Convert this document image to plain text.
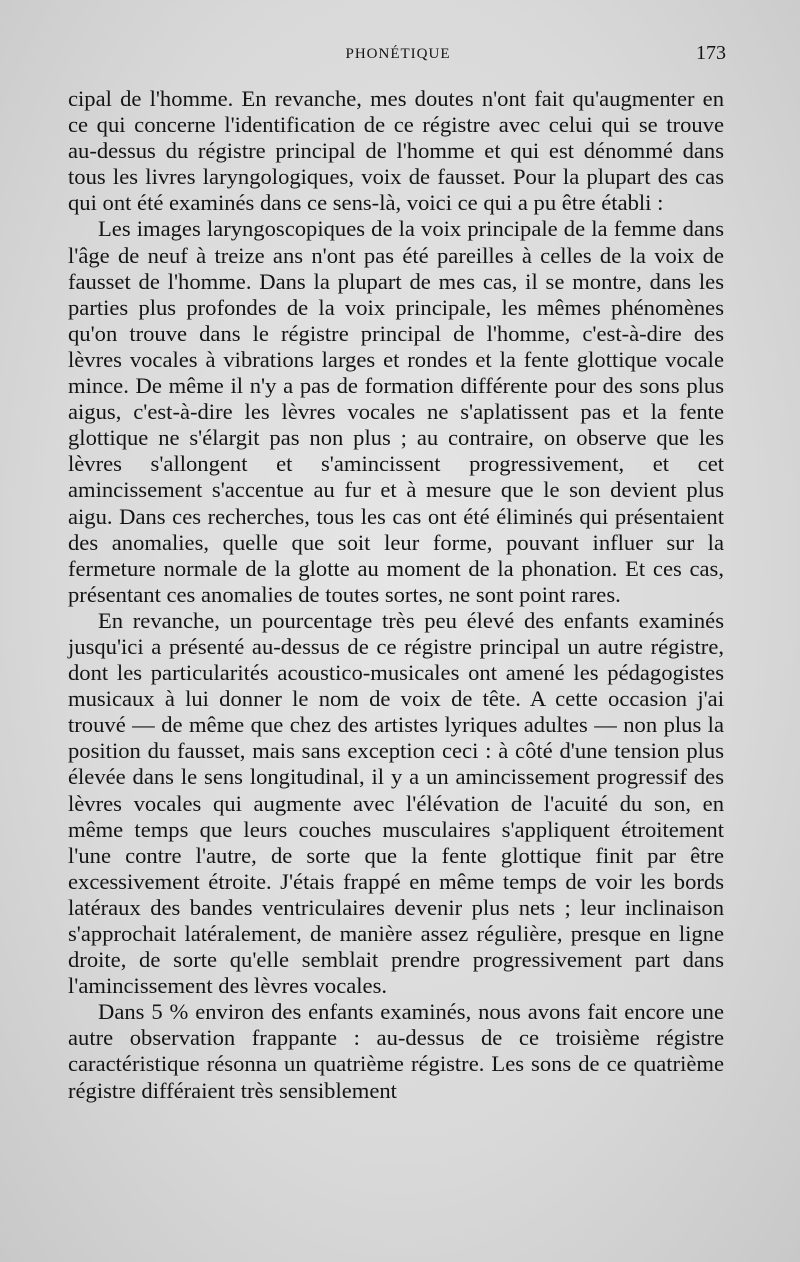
PHONÉTIQUE	173

cipal de l'homme. En revanche, mes doutes n'ont fait qu'augmenter en ce qui concerne l'identification de ce régistre avec celui qui se trouve au-dessus du régistre principal de l'homme et qui est dénommé dans tous les livres laryngologiques, voix de fausset. Pour la plupart des cas qui ont été examinés dans ce sens-là, voici ce qui a pu être établi :

Les images laryngoscopiques de la voix principale de la femme dans l'âge de neuf à treize ans n'ont pas été pareilles à celles de la voix de fausset de l'homme. Dans la plupart de mes cas, il se montre, dans les parties plus profondes de la voix principale, les mêmes phénomènes qu'on trouve dans le régistre principal de l'homme, c'est-à-dire des lèvres vocales à vibrations larges et rondes et la fente glottique vocale mince. De même il n'y a pas de formation différente pour des sons plus aigus, c'est-à-dire les lèvres vocales ne s'aplatissent pas et la fente glottique ne s'élargit pas non plus ; au contraire, on observe que les lèvres s'allongent et s'amincissent progressivement, et cet amincissement s'accentue au fur et à mesure que le son devient plus aigu. Dans ces recherches, tous les cas ont été éliminés qui présentaient des anomalies, quelle que soit leur forme, pouvant influer sur la fermeture normale de la glotte au moment de la phonation. Et ces cas, présentant ces anomalies de toutes sortes, ne sont point rares.

En revanche, un pourcentage très peu élevé des enfants examinés jusqu'ici a présenté au-dessus de ce régistre principal un autre régistre, dont les particularités acoustico-musicales ont amené les pédagogistes musicaux à lui donner le nom de voix de tête. A cette occasion j'ai trouvé — de même que chez des artistes lyriques adultes — non plus la position du fausset, mais sans exception ceci : à côté d'une tension plus élevée dans le sens longitudinal, il y a un amincissement progressif des lèvres vocales qui augmente avec l'élévation de l'acuité du son, en même temps que leurs couches musculaires s'appliquent étroitement l'une contre l'autre, de sorte que la fente glottique finit par être excessivement étroite. J'étais frappé en même temps de voir les bords latéraux des bandes ventriculaires devenir plus nets ; leur inclinaison s'approchait latéralement, de manière assez régulière, presque en ligne droite, de sorte qu'elle semblait prendre progressivement part dans l'amincissement des lèvres vocales.

Dans 5 % environ des enfants examinés, nous avons fait encore une autre observation frappante : au-dessus de ce troisième régistre caractéristique résonna un quatrième régistre. Les sons de ce quatrième régistre différaient très sensiblement
